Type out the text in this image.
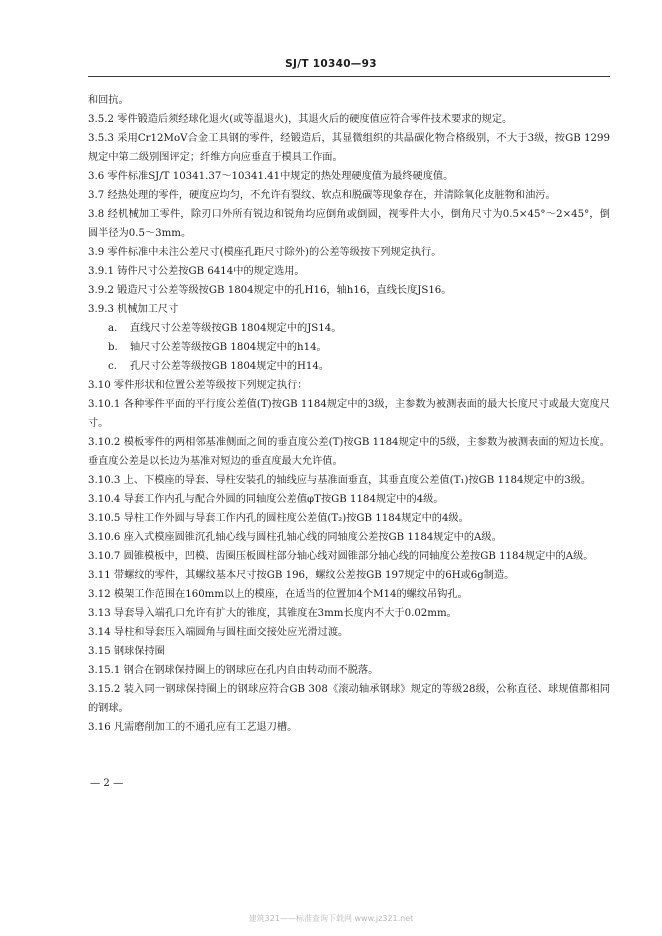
SJ/T 10340—93

和回抗。

3.5.2 零件锻造后须经球化退火(或等温退火)，其退火后的硬度值应符合零件技术要求的规定。

3.5.3 采用Cr12MoV合金工具钢的零件，经锻造后，其显微组织的共晶碳化物合格级别，不大于3级，按GB 1299规定中第二级别图评定；纤维方向应垂直于模具工作面。

3.6 零件标准SJ/T 10341.37～10341.41中规定的热处理硬度值为最终硬度值。

3.7 经热处理的零件，硬度应均匀，不允许有裂纹、软点和脱碳等现象存在，并清除氧化皮脏物和油污。

3.8 经机械加工零件，除刃口外所有锐边和锐角均应倒角或倒圆，视零件大小，倒角尺寸为0.5×45°～2×45°，倒圆半径为0.5～3mm。

3.9 零件标准中未注公差尺寸(模座孔距尺寸除外)的公差等级按下列规定执行。

3.9.1 铸件尺寸公差按GB 6414中的规定选用。

3.9.2 锻造尺寸公差等级按GB 1804规定中的孔H16，轴h16，直线长度JS16。

3.9.3 机械加工尺寸

a. 直线尺寸公差等级按GB 1804规定中的JS14。

b. 轴尺寸公差等级按GB 1804规定中的h14。

c. 孔尺寸公差等级按GB 1804规定中的H14。

3.10 零件形状和位置公差等级按下列规定执行：

3.10.1 各种零件平面的平行度公差值(T)按GB 1184规定中的3级，主参数为被测表面的最大长度尺寸或最大宽度尺寸。

3.10.2 模板零件的两相邻基准侧面之间的垂直度公差(T)按GB 1184规定中的5级，主参数为被测表面的短边长度。垂直度公差是以长边为基准对短边的垂直度最大允许值。

3.10.3 上、下模座的导套、导柱安装孔的轴线应与基准面垂直，其垂直度公差值(T₁)按GB 1184规定中的3级。

3.10.4 导套工作内孔与配合外圆的同轴度公差值φT按GB 1184规定中的4级。

3.10.5 导柱工作外圆与导套工作内孔的圆柱度公差值(T₂)按GB 1184规定中的4级。

3.10.6 座入式模座圆锥沉孔轴心线与圆柱孔轴心线的同轴度公差按GB 1184规定中的A级。

3.10.7 圆锥模板中，凹模、齿圈压板圆柱部分轴心线对圆锥部分轴心线的同轴度公差按GB 1184规定中的A级。

3.11 带螺纹的零件，其螺纹基本尺寸按GB 196，螺纹公差按GB 197规定中的6H或6g制造。

3.12 模架工作范围在160mm以上的模座，在适当的位置加4个M14的螺纹吊钩孔。

3.13 导套导入端孔口允许有扩大的锥度，其锥度在3mm长度内不大于0.02mm。

3.14 导柱和导套压入端圆角与圆柱面交接处应光滑过渡。

3.15 钢球保持圈

3.15.1 钢合在钢球保持圈上的钢球应在孔内自由转动而不脱落。

3.15.2 装入同一钢球保持圈上的钢球应符合GB 308《滚动轴承钢球》规定的等级28级，公称直径、球规值都相同的钢球。

3.16 凡需磨削加工的不通孔应有工艺退刀槽。

— 2 —
建筑321——标准查询下载网 www.jz321.net
